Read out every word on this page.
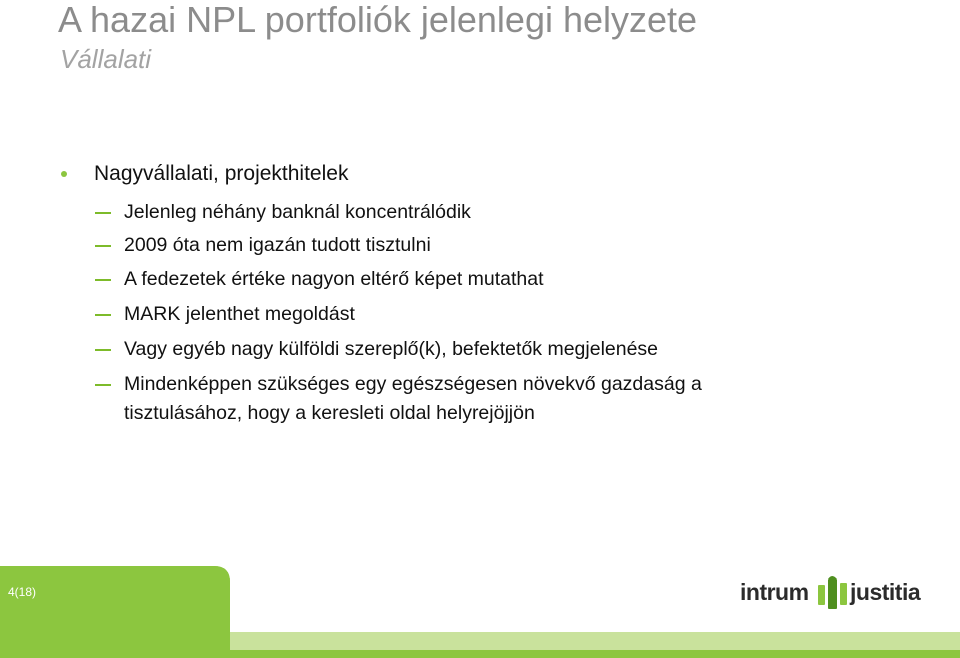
A hazai NPL portfoliók jelenlegi helyzete
Vállalati
Nagyvállalati, projekthitelek
Jelenleg néhány banknál koncentrálódik
2009 óta nem igazán tudott tisztulni
A fedezetek értéke nagyon eltérő képet mutathat
MARK jelenthet megoldást
Vagy egyéb nagy külföldi szereplő(k), befektetők megjelenése
Mindenképpen szükséges egy egészségesen növekvő gazdaság a
tisztulásához, hogy a keresleti oldal helyrejöjjön
4(18)	intrum justitia
